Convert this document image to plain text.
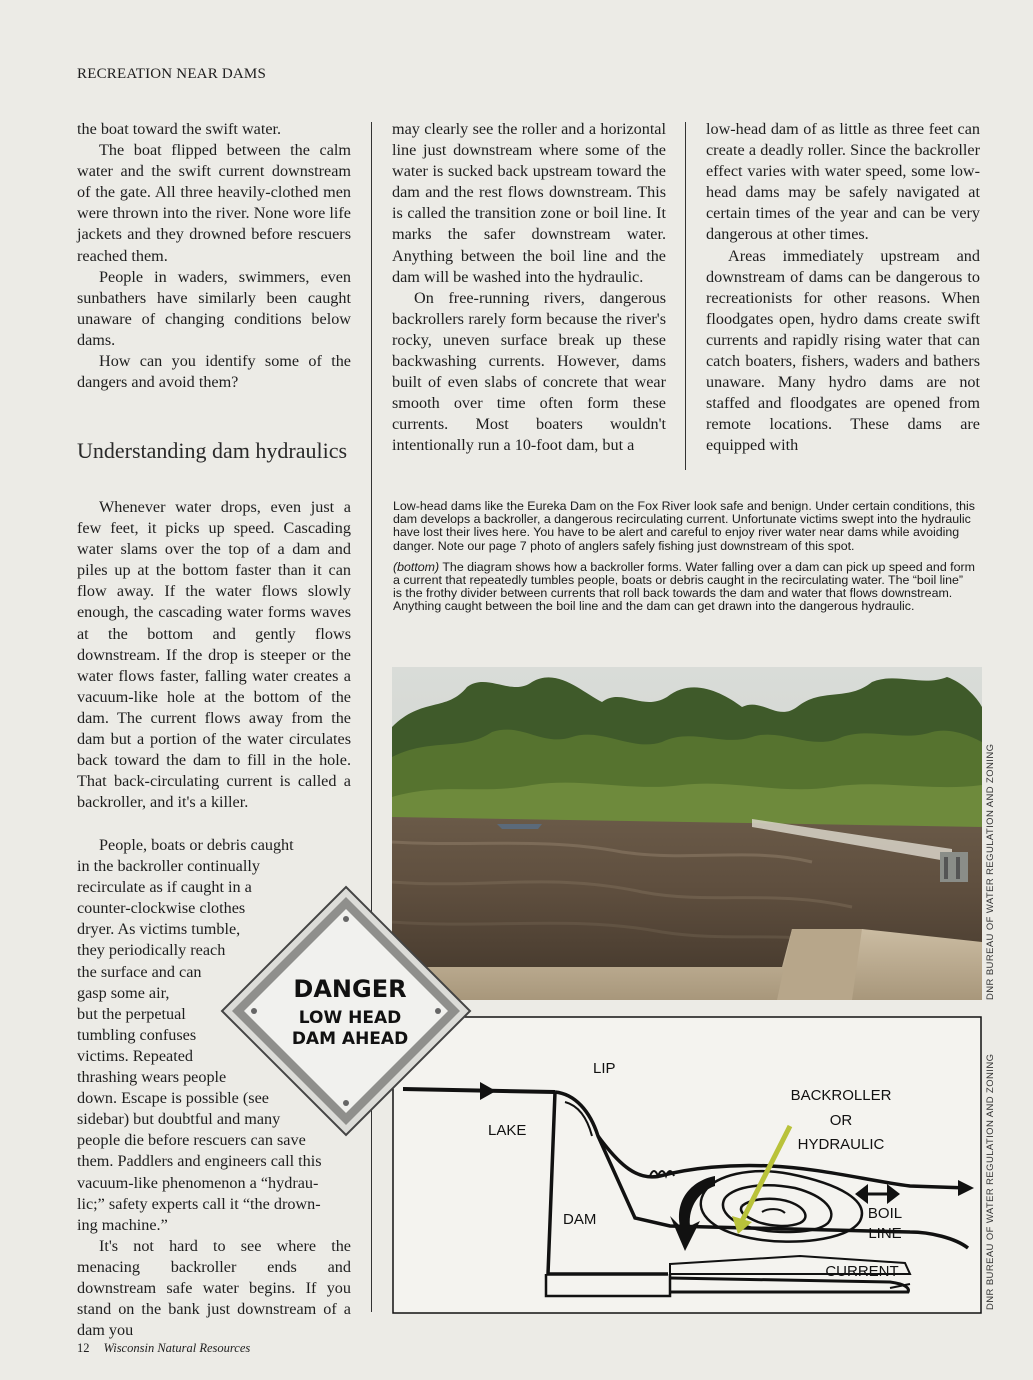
RECREATION NEAR DAMS

the boat toward the swift water.

The boat flipped between the calm water and the swift current downstream of the gate. All three heavily-clothed men were thrown into the river. None wore life jackets and they drowned before rescuers reached them.

People in waders, swimmers, even sunbathers have similarly been caught unaware of changing conditions below dams.

How can you identify some of the dangers and avoid them?

Understanding dam hydraulics

Whenever water drops, even just a few feet, it picks up speed. Cascading water slams over the top of a dam and piles up at the bottom faster than it can flow away. If the water flows slowly enough, the cascading water forms waves at the bottom and gently flows downstream. If the drop is steeper or the water flows faster, falling water creates a vacuum-like hole at the bottom of the dam. The current flows away from the dam but a portion of the water circulates back toward the dam to fill in the hole. That back-circulating current is called a backroller, and it's a killer.

People, boats or debris caught
in the backroller continually
recirculate as if caught in a
counter-clockwise clothes
dryer. As victims tumble,
they periodically reach
the surface and can
gasp some air,
but the perpetual
tumbling confuses
victims. Repeated
thrashing wears people
down. Escape is possible (see
sidebar) but doubtful and many
people die before rescuers can save
them. Paddlers and engineers call this
vacuum-like phenomenon a “hydrau-
lic;” safety experts call it “the drown-
ing machine.”

It's not hard to see where the menacing backroller ends and downstream safe water begins. If you stand on the bank just downstream of a dam you

may clearly see the roller and a horizontal line just downstream where some of the water is sucked back upstream toward the dam and the rest flows downstream. This is called the transition zone or boil line. It marks the safer downstream water. Anything between the boil line and the dam will be washed into the hydraulic.

On free-running rivers, dangerous backrollers rarely form because the river's rocky, uneven surface break up these backwashing currents. However, dams built of even slabs of concrete that wear smooth over time often form these currents. Most boaters wouldn't intentionally run a 10-foot dam, but a

low-head dam of as little as three feet can create a deadly roller. Since the backroller effect varies with water speed, some low-head dams may be safely navigated at certain times of the year and can be very dangerous at other times.

Areas immediately upstream and downstream of dams can be dangerous to recreationists for other reasons. When floodgates open, hydro dams create swift currents and rapidly rising water that can catch boaters, fishers, waders and bathers unaware. Many hydro dams are not staffed and floodgates are opened from remote locations. These dams are equipped with

Low-head dams like the Eureka Dam on the Fox River look safe and benign. Under certain conditions, this dam develops a backroller, a dangerous recirculating current. Unfortunate victims swept into the hydraulic have lost their lives here. You have to be alert and careful to enjoy river water near dams while avoiding danger. Note our page 7 photo of anglers safely fishing just downstream of this spot.

(bottom) The diagram shows how a backroller forms. Water falling over a dam can pick up speed and form a current that repeatedly tumbles people, boats or debris caught in the recirculating water. The “boil line” is the frothy divider between currents that roll back towards the dam and water that flows downstream. Anything caught between the boil line and the dam can get drawn into the dangerous hydraulic.

DNR BUREAU OF WATER REGULATION AND ZONING
LIP
LAKE
DAM
BACKROLLER
OR
HYDRAULIC
BOIL
LINE
CURRENT	DNR BUREAU OF WATER REGULATION AND ZONING
DANGER
LOW HEAD
DAM AHEAD
12 Wisconsin Natural Resources
